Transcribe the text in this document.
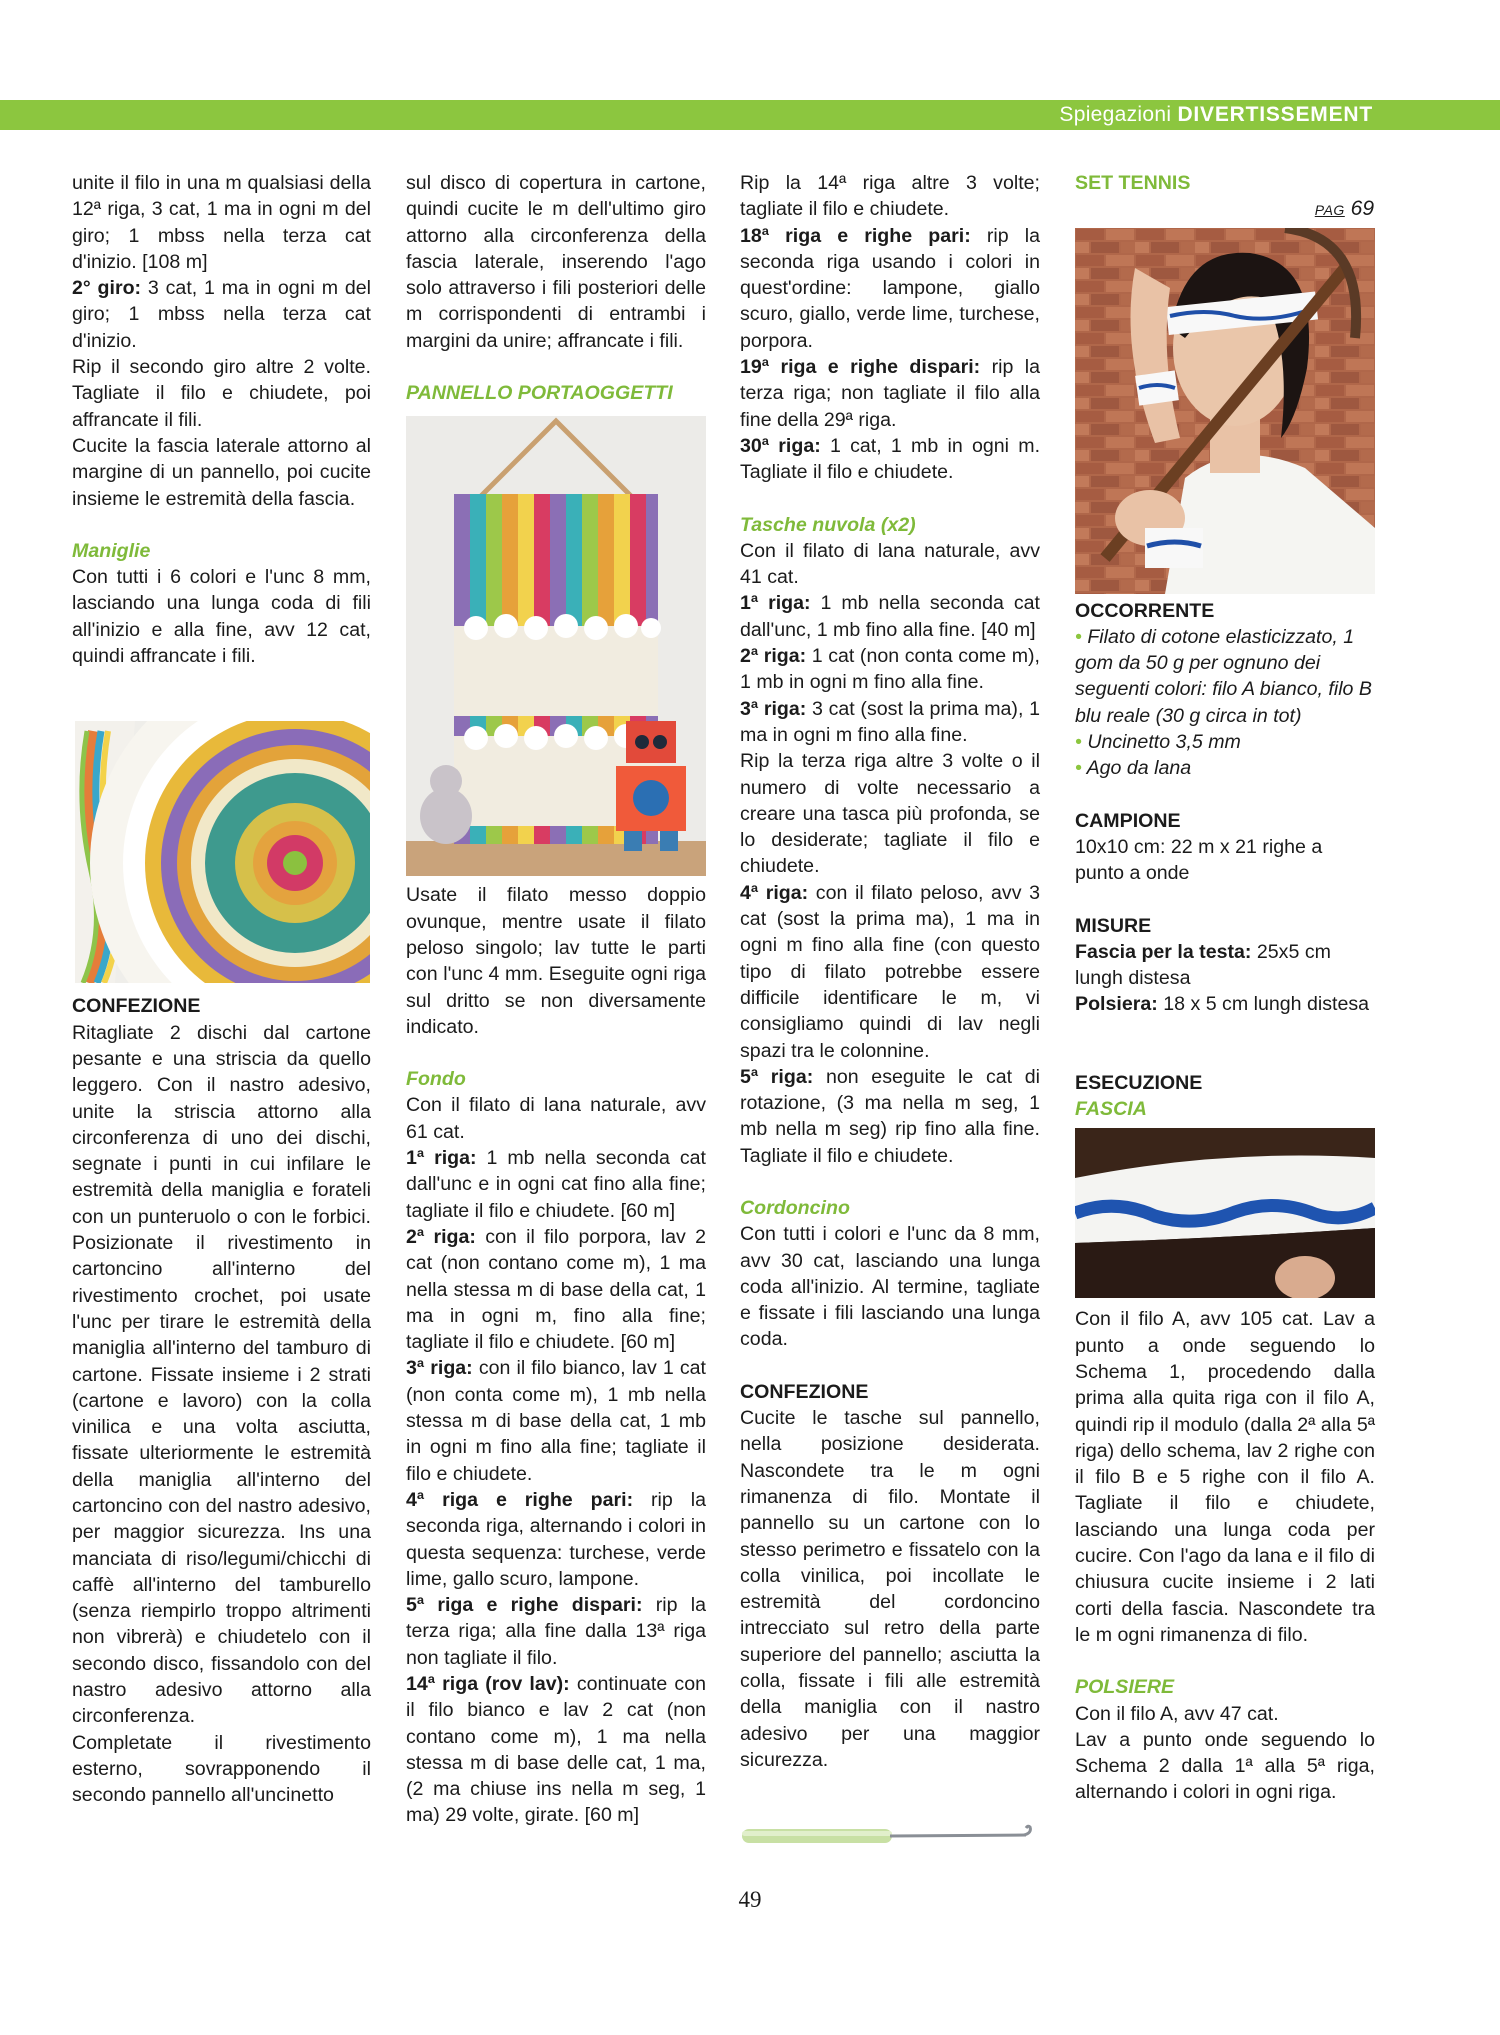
Spiegazioni DIVERTISSEMENT

unite il filo in una m qualsiasi della 12ª riga, 3 cat, 1 ma in ogni m del giro; 1 mbss nella terza cat d'inizio. [108 m]

2° giro: 3 cat, 1 ma in ogni m del giro; 1 mbss nella terza cat d'inizio.

Rip il secondo giro altre 2 volte. Tagliate il filo e chiudete, poi affrancate il fili.

Cucite la fascia laterale attorno al margine di un pannello, poi cucite insieme le estremità della fascia.

Maniglie

Con tutti i 6 colori e l'unc 8 mm, lasciando una lunga coda di fili all'inizio e alla fine, avv 12 cat, quindi affrancate i fili.

CONFEZIONE

Ritagliate 2 dischi dal cartone pesante e una striscia da quello leggero. Con il nastro adesivo, unite la striscia attorno alla circonferenza di uno dei dischi, segnate i punti in cui infilare le estremità della maniglia e forateli con un punteruolo o con le forbici. Posizionate il rivestimento in cartoncino all'interno del rivestimento crochet, poi usate l'unc per tirare le estremità della maniglia all'interno del tamburo di cartone. Fissate insieme i 2 strati (cartone e lavoro) con la colla vinilica e una volta asciutta, fissate ulteriormente le estremità della maniglia all'interno del cartoncino con del nastro adesivo, per maggior sicurezza. Ins una manciata di riso/legumi/chicchi di caffè all'interno del tamburello (senza riempirlo troppo altrimenti non vibrerà) e chiudetelo con il secondo disco, fissandolo con del nastro adesivo attorno alla circonferenza.

Completate il rivestimento esterno, sovrapponendo il secondo pannello all'uncinetto

sul disco di copertura in cartone, quindi cucite le m dell'ultimo giro attorno alla circonferenza della fascia laterale, inserendo l'ago solo attraverso i fili posteriori delle m corrispondenti di entrambi i margini da unire; affrancate i fili.

PANNELLO PORTAOGGETTI

Usate il filato messo doppio ovunque, mentre usate il filato peloso singolo; lav tutte le parti con l'unc 4 mm. Eseguite ogni riga sul dritto se non diversamente indicato.

Fondo

Con il filato di lana naturale, avv 61 cat.

1ª riga: 1 mb nella seconda cat dall'unc e in ogni cat fino alla fine; tagliate il filo e chiudete. [60 m]

2ª riga: con il filo porpora, lav 2 cat (non contano come m), 1 ma nella stessa m di base della cat, 1 ma in ogni m, fino alla fine; tagliate il filo e chiudete. [60 m]

3ª riga: con il filo bianco, lav 1 cat (non conta come m), 1 mb nella stessa m di base della cat, 1 mb in ogni m fino alla fine; tagliate il filo e chiudete.

4ª riga e righe pari: rip la seconda riga, alternando i colori in questa sequenza: turchese, verde lime, gallo scuro, lampone.

5ª riga e righe dispari: rip la terza riga; alla fine dalla 13ª riga non tagliate il filo.

14ª riga (rov lav): continuate con il filo bianco e lav 2 cat (non contano come m), 1 ma nella stessa m di base delle cat, 1 ma, (2 ma chiuse ins nella m seg, 1 ma) 29 volte, girate. [60 m]

Rip la 14ª riga altre 3 volte; tagliate il filo e chiudete.

18ª riga e righe pari: rip la seconda riga usando i colori in quest'ordine: lampone, giallo scuro, giallo, verde lime, turchese, porpora.

19ª riga e righe dispari: rip la terza riga; non tagliate il filo alla fine della 29ª riga.

30ª riga: 1 cat, 1 mb in ogni m. Tagliate il filo e chiudete.

Tasche nuvola (x2)

Con il filato di lana naturale, avv 41 cat.

1ª riga: 1 mb nella seconda cat dall'unc, 1 mb fino alla fine. [40 m]

2ª riga: 1 cat (non conta come m), 1 mb in ogni m fino alla fine.

3ª riga: 3 cat (sost la prima ma), 1 ma in ogni m fino alla fine.

Rip la terza riga altre 3 volte o il numero di volte necessario a creare una tasca più profonda, se lo desiderate; tagliate il filo e chiudete.

4ª riga: con il filato peloso, avv 3 cat (sost la prima ma), 1 ma in ogni m fino alla fine (con questo tipo di filato potrebbe essere difficile identificare le m, vi consigliamo quindi di lav negli spazi tra le colonnine.

5ª riga: non eseguite le cat di rotazione, (3 ma nella m seg, 1 mb nella m seg) rip fino alla fine. Tagliate il filo e chiudete.

Cordoncino

Con tutti i colori e l'unc da 8 mm, avv 30 cat, lasciando una lunga coda all'inizio. Al termine, tagliate e fissate i fili lasciando una lunga coda.

CONFEZIONE

Cucite le tasche sul pannello, nella posizione desiderata. Nascondete tra le m ogni rimanenza di filo. Montate il pannello su un cartone con lo stesso perimetro e fissatelo con la colla vinilica, poi incollate le estremità del cordoncino intrecciato sul retro della parte superiore del pannello; asciutta la colla, fissate i fili alle estremità della maniglia con il nastro adesivo per una maggior sicurezza.

SET TENNIS
PAG 69
OCCORRENTE

• Filato di cotone elasticizzato, 1 gom da 50 g per ognuno dei seguenti colori: filo A bianco, filo B blu reale (30 g circa in tot)

• Uncinetto 3,5 mm

• Ago da lana

CAMPIONE

10x10 cm: 22 m x 21 righe a punto a onde

MISURE

Fascia per la testa: 25x5 cm lungh distesa

Polsiera: 18 x 5 cm lungh distesa

ESECUZIONE
FASCIA

Con il filo A, avv 105 cat. Lav a punto a onde seguendo lo Schema 1, procedendo dalla prima alla quita riga con il filo A, quindi rip il modulo (dalla 2ª alla 5ª riga) dello schema, lav 2 righe con il filo B e 5 righe con il filo A. Tagliate il filo e chiudete, lasciando una lunga coda per cucire. Con l'ago da lana e il filo di chiusura cucite insieme i 2 lati corti della fascia. Nascondete tra le m ogni rimanenza di filo.

POLSIERE

Con il filo A, avv 47 cat.

Lav a punto onde seguendo lo Schema 2 dalla 1ª alla 5ª riga, alternando i colori in ogni riga.

49
